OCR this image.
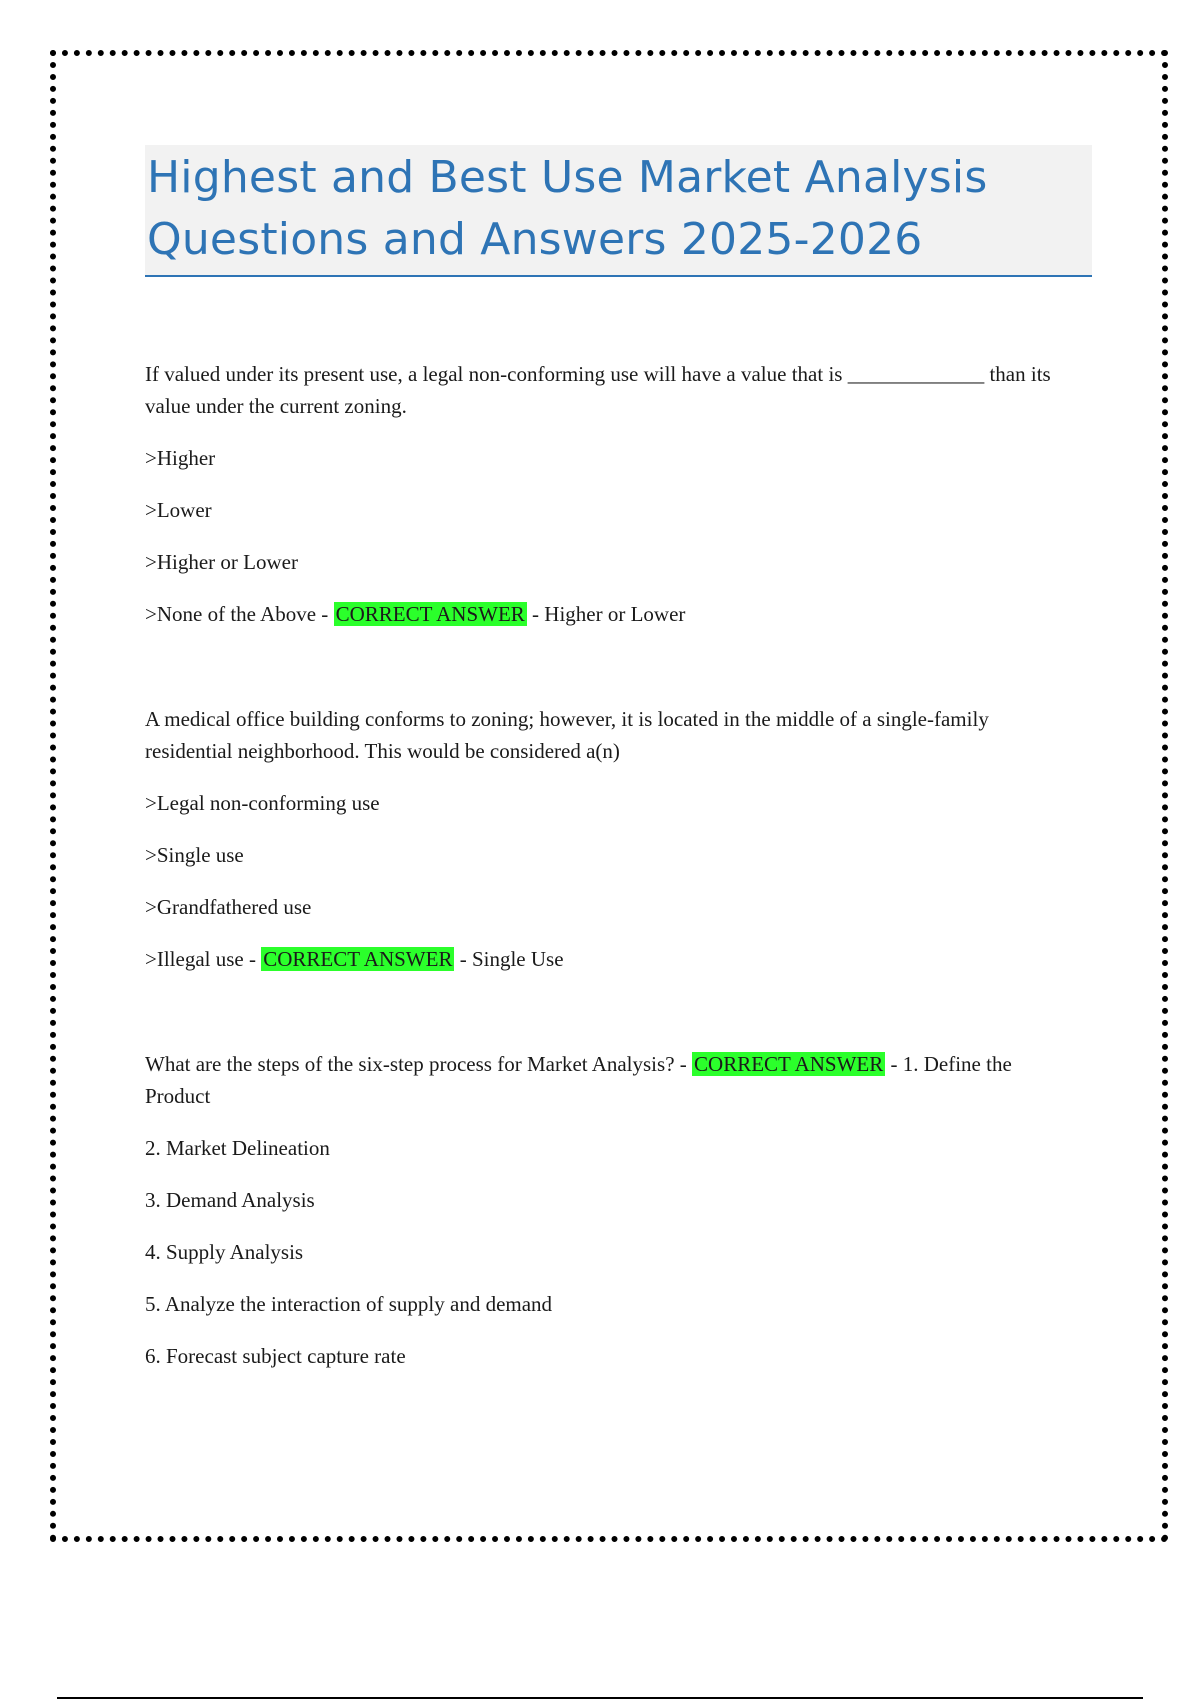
Highest and Best Use Market Analysis
Questions and Answers 2025-2026

If valued under its present use, a legal non-conforming use will have a value that is _____________ than its value under the current zoning.

>Higher

>Lower

>Higher or Lower

>None of the Above - CORRECT ANSWER - Higher or Lower

A medical office building conforms to zoning; however, it is located in the middle of a single-family residential neighborhood. This would be considered a(n)

>Legal non-conforming use

>Single use

>Grandfathered use

>Illegal use - CORRECT ANSWER - Single Use

What are the steps of the six-step process for Market Analysis? - CORRECT ANSWER - 1. Define the Product

2. Market Delineation

3. Demand Analysis

4. Supply Analysis

5. Analyze the interaction of supply and demand

6. Forecast subject capture rate
